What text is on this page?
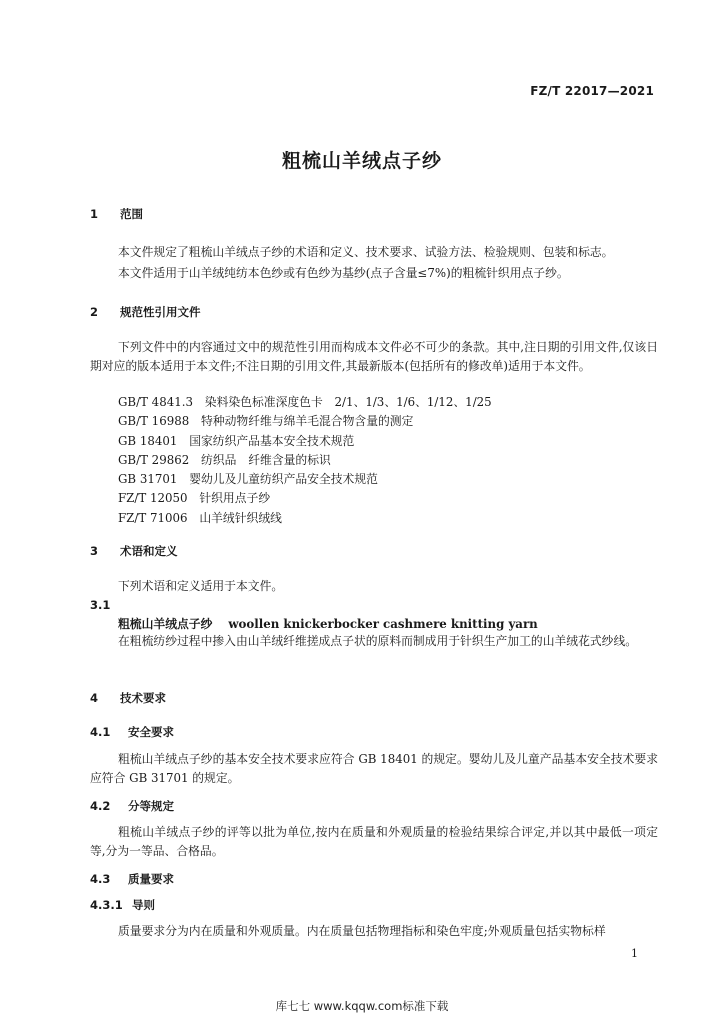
FZ/T 22017—2021
粗梳山羊绒点子纱
1 范围
本文件规定了粗梳山羊绒点子纱的术语和定义、技术要求、试验方法、检验规则、包装和标志。
本文件适用于山羊绒纯纺本色纱或有色纱为基纱(点子含量≤7%)的粗梳针织用点子纱。
2 规范性引用文件
下列文件中的内容通过文中的规范性引用而构成本文件必不可少的条款。其中,注日期的引用文件,仅该日期对应的版本适用于本文件;不注日期的引用文件,其最新版本(包括所有的修改单)适用于本文件。
GB/T 4841.3　 染料染色标准深度色卡　2/1、1/3、1/6、1/12、1/25
GB/T 16988　 特种动物纤维与绵羊毛混合物含量的测定
GB 18401　 国家纺织产品基本安全技术规范
GB/T 29862　 纺织品　纤维含量的标识
GB 31701　 婴幼儿及儿童纺织产品安全技术规范
FZ/T 12050　 针织用点子纱
FZ/T 71006　 山羊绒针织绒线
3 术语和定义
下列术语和定义适用于本文件。
3.1
粗梳山羊绒点子纱 woollen knickerbocker cashmere knitting yarn
在粗梳纺纱过程中掺入由山羊绒纤维搓成点子状的原料而制成用于针织生产加工的山羊绒花式纱线。
4 技术要求
4.1 安全要求
粗梳山羊绒点子纱的基本安全技术要求应符合 GB 18401 的规定。婴幼儿及儿童产品基本安全技术要求应符合 GB 31701 的规定。
4.2 分等规定
粗梳山羊绒点子纱的评等以批为单位,按内在质量和外观质量的检验结果综合评定,并以其中最低一项定等,分为一等品、合格品。
4.3 质量要求
4.3.1 导则
质量要求分为内在质量和外观质量。内在质量包括物理指标和染色牢度;外观质量包括实物标样
1
库七七 www.kqqw.com标准下载
